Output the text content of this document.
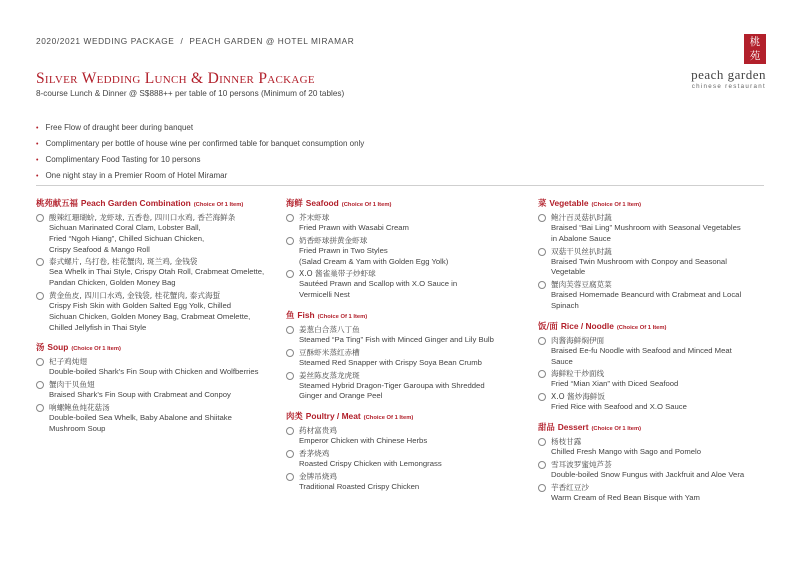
2020/2021 WEDDING PACKAGE / PEACH GARDEN @ HOTEL MIRAMAR	桃
苑
peach garden
chinese restaurant
Silver Wedding Lunch & Dinner Package
8-course Lunch & Dinner @ S$888++ per table of 10 persons (Minimum of 20 tables)
• Free Flow of draught beer during banquet
• Complimentary per bottle of house wine per confirmed table for banquet consumption only
• Complimentary Food Tasting for 10 persons
• One night stay in a Premier Room of Hotel Miramar
桃苑献五福 Peach Garden Combination (Choice Of 1 Item)
酸辣红珊瑚蚧, 龙虾球, 五香卷, 四川口水鸡, 香芒海鲜条
Sichuan Marinated Coral Clam, Lobster Ball,
Fried “Ngoh Hiang”, Chilled Sichuan Chicken,
Crispy Seafood & Mango Roll
泰式螺片, 乌打卷, 桂花蟹肉, 斑兰鸡, 金钱袋
Sea Whelk in Thai Style, Crispy Otah Roll, Crabmeat Omelette,
Pandan Chicken, Golden Money Bag
黄金鱼皮, 四川口水鸡, 金钱袋, 桂花蟹肉, 泰式海蜇
Crispy Fish Skin with Golden Salted Egg Yolk, Chilled
Sichuan Chicken, Golden Money Bag, Crabmeat Omelette,
Chilled Jellyfish in Thai Style
汤 Soup (Choice Of 1 Item)
杞子鸡炖翅
Double-boiled Shark’s Fin Soup with Chicken and Wolfberries
蟹肉干贝鱼翅
Braised Shark’s Fin Soup with Crabmeat and Conpoy
响螺鲍鱼炖花菇汤
Double-boiled Sea Whelk, Baby Abalone and Shiitake
Mushroom Soup
海鲜 Seafood (Choice Of 1 Item)
芥末虾球
Fried Prawn with Wasabi Cream
奶香虾球拼黄金虾球
Fried Prawn in Two Styles
(Salad Cream & Yam with Golden Egg Yolk)
X.O 酱雀巢带子炒虾球
Sautéed Prawn and Scallop with X.O Sauce in
Vermicelli Nest
鱼 Fish (Choice Of 1 Item)
姜葱白合蒸八丁鱼
Steamed “Pa Ting” Fish with Minced Ginger and Lily Bulb
豆酥虾米蒸红赤槽
Steamed Red Snapper with Crispy Soya Bean Crumb
姜丝陈皮蒸龙虎斑
Steamed Hybrid Dragon-Tiger Garoupa with Shredded
Ginger and Orange Peel
肉类 Poultry / Meat (Choice Of 1 Item)
药材富贵鸡
Emperor Chicken with Chinese Herbs
香茅烧鸡
Roasted Crispy Chicken with Lemongrass
金牌吊烧鸡
Traditional Roasted Crispy Chicken
菜 Vegetable (Choice Of 1 Item)
鲍汁百灵菇扒时蔬
Braised “Bai Ling” Mushroom with Seasonal Vegetables
in Abalone Sauce
双菇干贝丝扒时蔬
Braised Twin Mushroom with Conpoy and Seasonal
Vegetable
蟹肉芙蓉豆腐苋菜
Braised Homemade Beancurd with Crabmeat and Local
Spinach
饭/面 Rice / Noodle (Choice Of 1 Item)
肉酱海鲜焖伊面
Braised Ee-fu Noodle with Seafood and Minced Meat
Sauce
海鲜粒干炒面线
Fried “Mian Xian” with Diced Seafood
X.O 酱炒海鲜饭
Fried Rice with Seafood and X.O Sauce
甜品 Dessert (Choice Of 1 Item)
杨枝甘露
Chilled Fresh Mango with Sago and Pomelo
雪耳波罗蜜炖芦荟
Double-boiled Snow Fungus with Jackfruit and Aloe Vera
芋香红豆沙
Warm Cream of Red Bean Bisque with Yam
